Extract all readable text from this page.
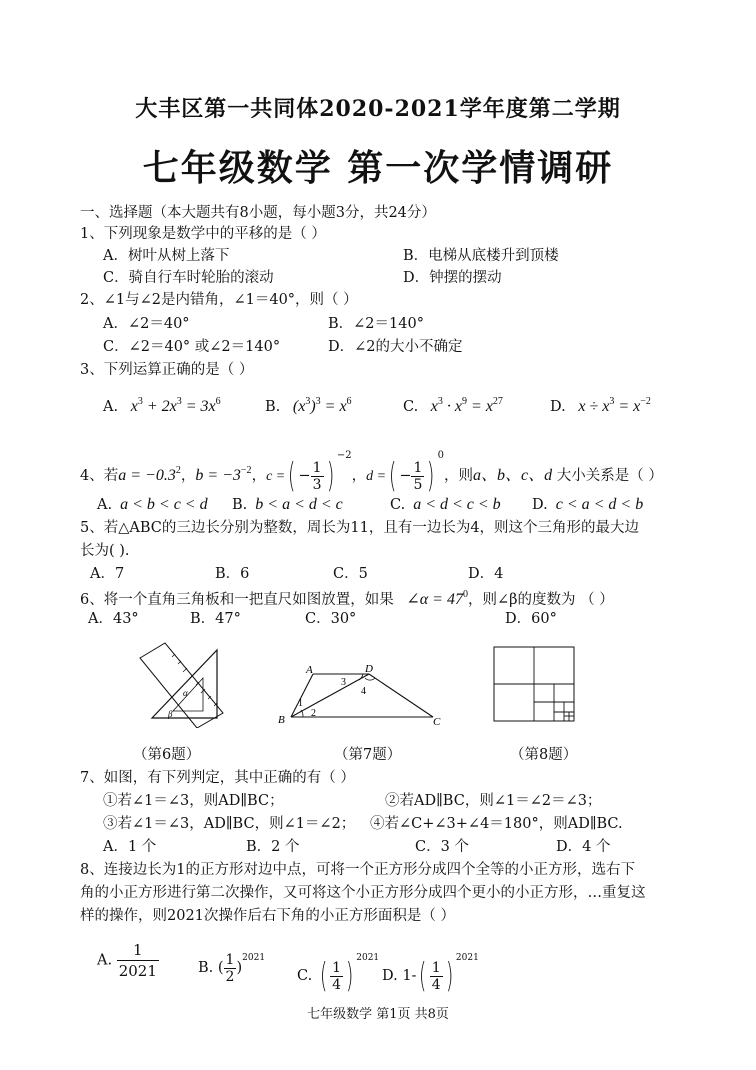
大丰区第一共同体2020-2021学年度第二学期
七年级数学 第一次学情调研
一、选择题（本大题共有8小题，每小题3分，共24分）
1、下列现象是数学中的平移的是（ ）
A．树叶从树上落下	B．电梯从底楼升到顶楼
C．骑自行车时轮胎的滚动	D．钟摆的摆动
2、∠1与∠2是内错角，∠1＝40°，则（ ）
A．∠2＝40°	B．∠2＝140°
C．∠2＝40° 或∠2＝140°	D．∠2的大小不确定
3、下列运算正确的是（ ）
A.   $x^3 + 2x^3 = 3x^6$	B.   $(x^3)^3 = x^6$	C.   $x^3 \cdot x^9 = x^{27}$	D.   $x \div x^3 = x^{-2}$
4、若$a = -0.3^2$，$b = -3^{-2}$，c =( − $\frac{1}{3} )^{-2}$，d =( − $\frac{1}{5} )^0$，则a、b、c、d 大小关系是（ ）
A.  a < b < c < d B.  b < a < d < c	C.  a < d < c < b D.  c < a < d < b
5、若△ABC的三边长分别为整数，周长为11，且有一边长为4，则这个三角形的最大边
长为( ).
A．7	B．6	C．5	D．4
6、将一个直角三角板和一把直尺如图放置，如果   ∠α = $47^0$，则∠β的度数为 （ ）
A．43°	B．47°	C．30°	D．60°
α
β
A	D
B	C
1
2
3
4
（第6题）	（第7题）	（第8题）
7、如图，有下列判定，其中正确的有（ ）
①若∠1＝∠3，则AD∥BC；	②若AD∥BC，则∠1＝∠2＝∠3；
③若∠1＝∠3，AD∥BC，则∠1＝∠2； ④若∠C+∠3+∠4＝180°，则AD∥BC.
A．1 个	B．2 个	C．3 个	D．4 个
8、连接边长为1的正方形对边中点，可将一个正方形分成四个全等的小正方形，选右下
角的小正方形进行第二次操作，又可将这个小正方形分成四个更小的小正方形，…重复这
样的操作，则2021次操作后右下角的小正方形面积是（ ）
A. $\frac{1}{2021}$	B. ( $\frac{1}{2} )^{2021}$
C. ( $\frac{1}{4}$ ) $^{2021}$
D. $1-( \frac{1}{4}$ ) $^{2021}$
七年级数学 第1页 共8页
